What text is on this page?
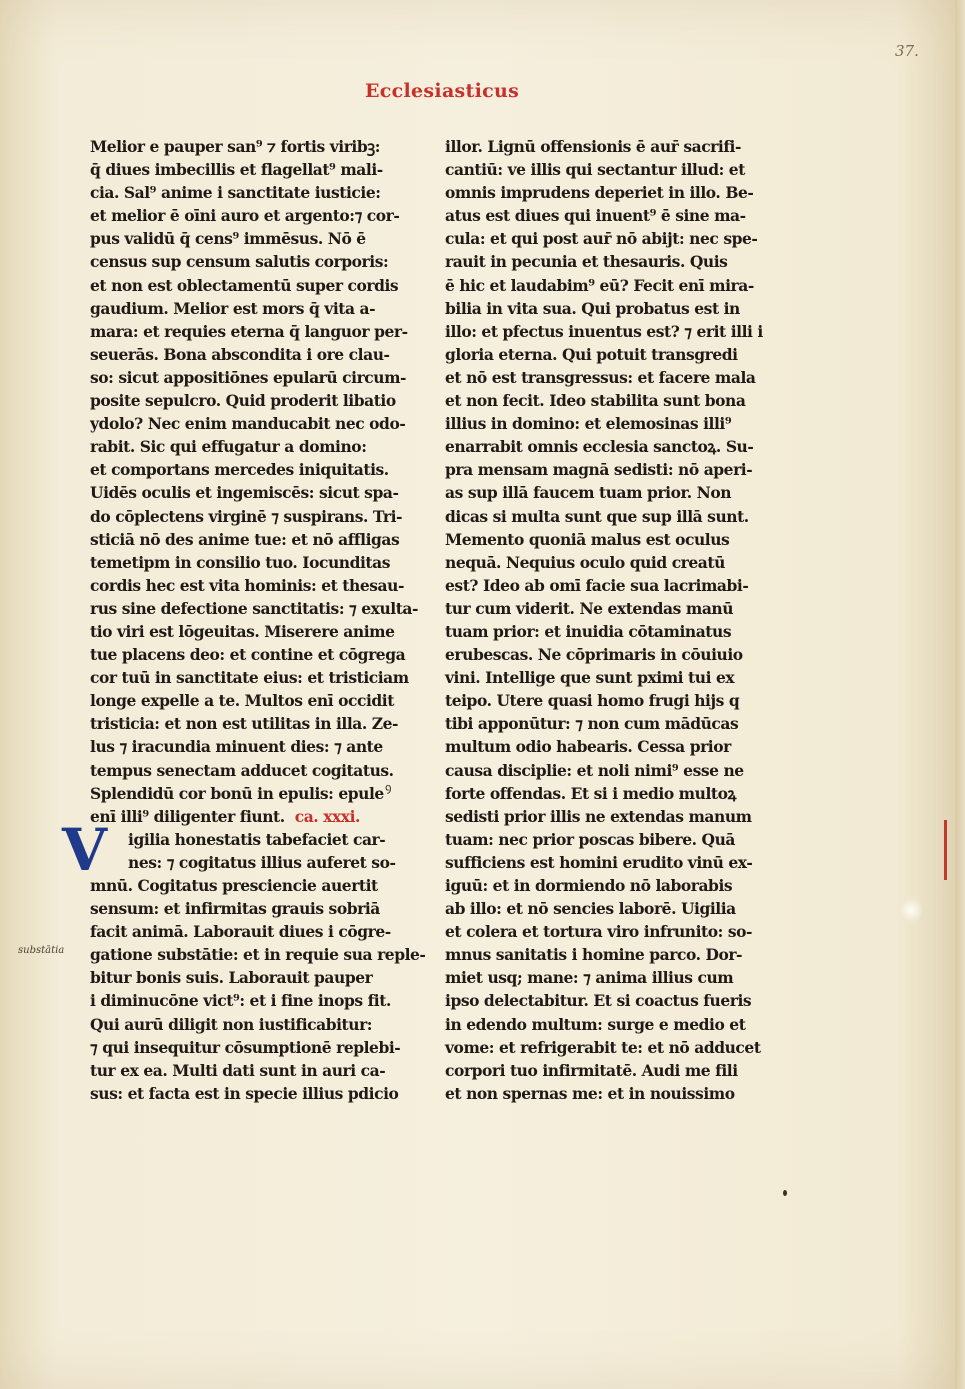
37.
Ecclesiasticus
Melior e pauper san⁹ ⁊ fortis viribꝫ:
q̄ diues imbecillis et flagellat⁹ mali-
cia. Sal⁹ anime i sanctitate iusticie:
et melior ē oīni auro et argento:⁊ cor-
pus validū q̄ cens⁹ immēsus. Nō ē
census sup censum salutis corporis:
et non est oblectamentū super cordis
gaudium. Melior est mors q̄ vita a-
mara: et requies eterna q̄ languor per-
seuerās. Bona abscondita i ore clau-
so: sicut appositiōnes epularū circum-
posite sepulcro. Quid proderit libatio
ydolo? Nec enim manducabit nec odo-
rabit. Sic qui effugatur a domino:
et comportans mercedes iniquitatis.
Uidēs oculis et ingemiscēs: sicut spa-
do cōplectens virginē ⁊ suspirans. Tri-
sticiā nō des anime tue: et nō affligas
temetipm in consilio tuo. Iocunditas
cordis hec est vita hominis: et thesau-
rus sine defectione sanctitatis: ⁊ exulta-
tio viri est lōgeuitas. Miserere anime
tue placens deo: et contine et cōgrega
cor tuū in sanctitate eius: et tristiciam
longe expelle a te. Multos enī occidit
tristicia: et non est utilitas in illa. Ze-
lus ⁊ iracundia minuent dies: ⁊ ante
tempus senectam adducet cogitatus.
Splendidū cor bonū in epulis: epule
enī illi⁹ diligenter fiunt. ca. xxxi.
igilia honestatis tabefaciet car-
nes: ⁊ cogitatus illius auferet so-
mnū. Cogitatus presciencie auertit
sensum: et infirmitas grauis sobriā
facit animā. Laborauit diues i cōgre-
gatione substātie: et in requie sua reple-
bitur bonis suis. Laborauit pauper
i diminucōne vict⁹: et i fine inops fit.
Qui aurū diligit non iustificabitur:
⁊ qui insequitur cōsumptionē replebi-
tur ex ea. Multi dati sunt in auri ca-
sus: et facta est in specie illius pdicio
illor. Lignū offensionis ē aur̄ sacrifi-
cantiū: ve illis qui sectantur illud: et
omnis imprudens deperiet in illo. Be-
atus est diues qui inuent⁹ ē sine ma-
cula: et qui post aur̄ nō abijt: nec spe-
rauit in pecunia et thesauris. Quis
ē hic et laudabim⁹ eū? Fecit enī mira-
bilia in vita sua. Qui probatus est in
illo: et pfectus inuentus est? ⁊ erit illi i
gloria eterna. Qui potuit transgredi
et nō est transgressus: et facere mala
et non fecit. Ideo stabilita sunt bona
illius in domino: et elemosinas illi⁹
enarrabit omnis ecclesia sanctoꝝ. Su-
pra mensam magnā sedisti: nō aperi-
as sup illā faucem tuam prior. Non
dicas si multa sunt que sup illā sunt.
Memento quoniā malus est oculus
nequā. Nequius oculo quid creatū
est? Ideo ab omī facie sua lacrimabi-
tur cum viderit. Ne extendas manū
tuam prior: et inuidia cōtaminatus
erubescas. Ne cōprimaris in cōuiuio
vini. Intellige que sunt pximi tui ex
teipo. Utere quasi homo frugi hijs q
tibi apponūtur: ⁊ non cum mādūcas
multum odio habearis. Cessa prior
causa disciplie: et noli nimi⁹ esse ne
forte offendas. Et si i medio multoꝝ
sedisti prior illis ne extendas manum
tuam: nec prior poscas bibere. Quā
sufficiens est homini erudito vinū ex-
iguū: et in dormiendo nō laborabis
ab illo: et nō sencies laborē. Uigilia
et colera et tortura viro infrunito: so-
mnus sanitatis i homine parco. Dor-
miet usq; mane: ⁊ anima illius cum
ipso delectabitur. Et si coactus fueris
in edendo multum: surge e medio et
vome: et refrigerabit te: et nō adducet
corpori tuo infirmitatē. Audi me fili
et non spernas me: et in nouissimo
V
substātia
ꝯ
